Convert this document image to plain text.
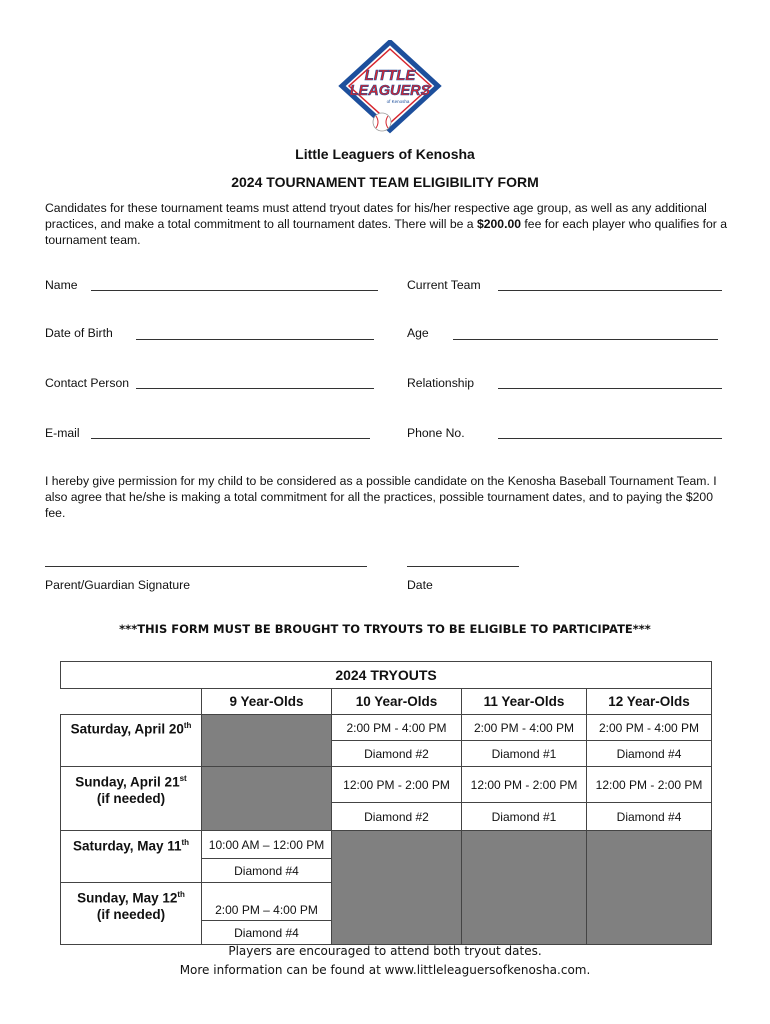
LITTLE
LEAGUERS
of Kenosha
Little Leaguers of Kenosha
2024 TOURNAMENT TEAM ELIGIBILITY FORM
Candidates for these tournament teams must attend tryout dates for his/her respective age group, as well as any additional practices, and make a total commitment to all tournament dates. There will be a $200.00 fee for each player who qualifies for a tournament team.
Name	Current Team
Date of Birth	Age
Contact Person	Relationship
E-mail	Phone No.
I hereby give permission for my child to be considered as a possible candidate on the Kenosha Baseball Tournament Team. I also agree that he/she is making a total commitment for all the practices, possible tournament dates, and to paying the $200 fee.
Parent/Guardian Signature	Date
***THIS FORM MUST BE BROUGHT TO TRYOUTS TO BE ELIGIBLE TO PARTICIPATE***
2024 TRYOUTS				
	9 Year-Olds	10 Year-Olds	11 Year-Olds	12 Year-Olds
Saturday, April 20th		2:00 PM - 4:00 PM	2:00 PM - 4:00 PM	2:00 PM - 4:00 PM
		Diamond #2	Diamond #1	Diamond #4
Sunday, April 21st
(if needed)		12:00 PM - 2:00 PM	12:00 PM - 2:00 PM	12:00 PM - 2:00 PM
		Diamond #2	Diamond #1	Diamond #4
Saturday, May 11th	10:00 AM – 12:00 PM			
	Diamond #4			
Sunday, May 12th
(if needed)	2:00 PM – 4:00 PM			
	Diamond #4			
Players are encouraged to attend both tryout dates.
More information can be found at www.littleleaguersofkenosha.com.
